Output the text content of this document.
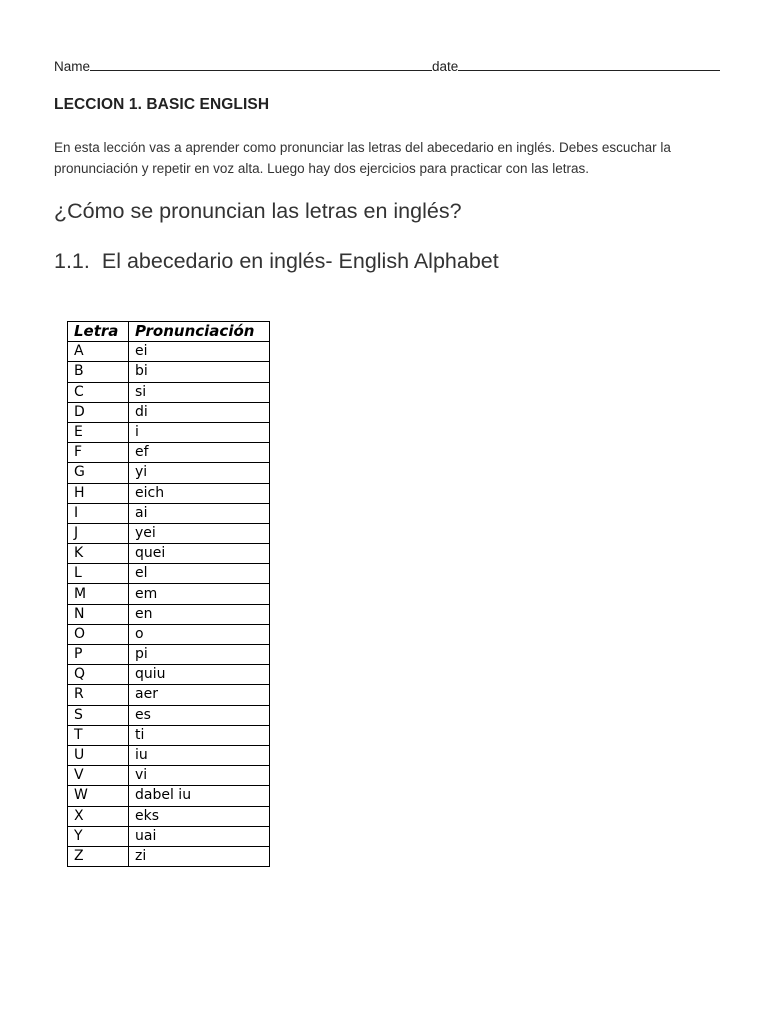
Name	date
LECCION 1. BASIC ENGLISH
En esta lección vas a aprender como pronunciar las letras del abecedario en inglés. Debes escuchar la pronunciación y repetir en voz alta. Luego hay dos ejercicios para practicar con las letras.
¿Cómo se pronuncian las letras en inglés?
1.1. El abecedario en inglés- English Alphabet
Letra	Pronunciación
A	ei
B	bi
C	si
D	di
E	i
F	ef
G	yi
H	eich
I	ai
J	yei
K	quei
L	el
M	em
N	en
O	o
P	pi
Q	quiu
R	aer
S	es
T	ti
U	iu
V	vi
W	dabel iu
X	eks
Y	uai
Z	zi
